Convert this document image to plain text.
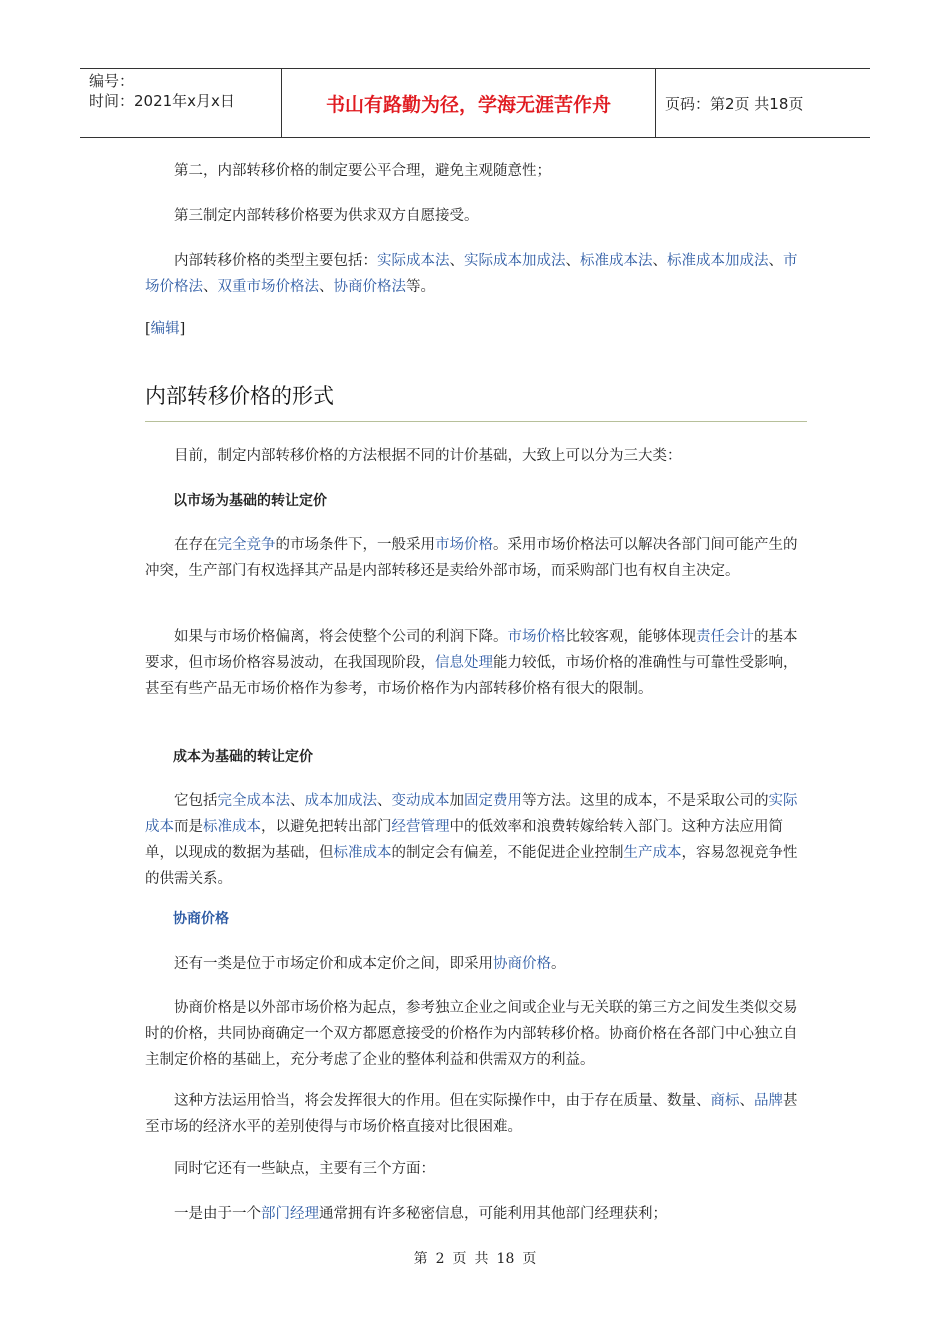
编号：
时间：2021年x月x日	书山有路勤为径，学海无涯苦作舟	页码：第2页 共18页

第二，内部转移价格的制定要公平合理，避免主观随意性；

第三制定内部转移价格要为供求双方自愿接受。

内部转移价格的类型主要包括：实际成本法、实际成本加成法、标准成本法、标准成本加成法、市场价格法、双重市场价格法、协商价格法等。

[编辑]
内部转移价格的形式

目前，制定内部转移价格的方法根据不同的计价基础，大致上可以分为三大类：

以市场为基础的转让定价

在存在完全竞争的市场条件下，一般采用市场价格。采用市场价格法可以解决各部门间可能产生的冲突，生产部门有权选择其产品是内部转移还是卖给外部市场，而采购部门也有权自主决定。

如果与市场价格偏离，将会使整个公司的利润下降。市场价格比较客观，能够体现责任会计的基本要求，但市场价格容易波动，在我国现阶段，信息处理能力较低，市场价格的准确性与可靠性受影响，甚至有些产品无市场价格作为参考，市场价格作为内部转移价格有很大的限制。

成本为基础的转让定价

它包括完全成本法、成本加成法、变动成本加固定费用等方法。这里的成本，不是采取公司的实际成本而是标准成本，以避免把转出部门经营管理中的低效率和浪费转嫁给转入部门。这种方法应用简单，以现成的数据为基础，但标准成本的制定会有偏差，不能促进企业控制生产成本，容易忽视竞争性的供需关系。

协商价格

还有一类是位于市场定价和成本定价之间，即采用协商价格。

协商价格是以外部市场价格为起点，参考独立企业之间或企业与无关联的第三方之间发生类似交易时的价格，共同协商确定一个双方都愿意接受的价格作为内部转移价格。协商价格在各部门中心独立自主制定价格的基础上，充分考虑了企业的整体利益和供需双方的利益。

这种方法运用恰当，将会发挥很大的作用。但在实际操作中，由于存在质量、数量、商标、品牌甚至市场的经济水平的差别使得与市场价格直接对比很困难。

同时它还有一些缺点，主要有三个方面：

一是由于一个部门经理通常拥有许多秘密信息，可能利用其他部门经理获利；

第 2 页 共 18 页
